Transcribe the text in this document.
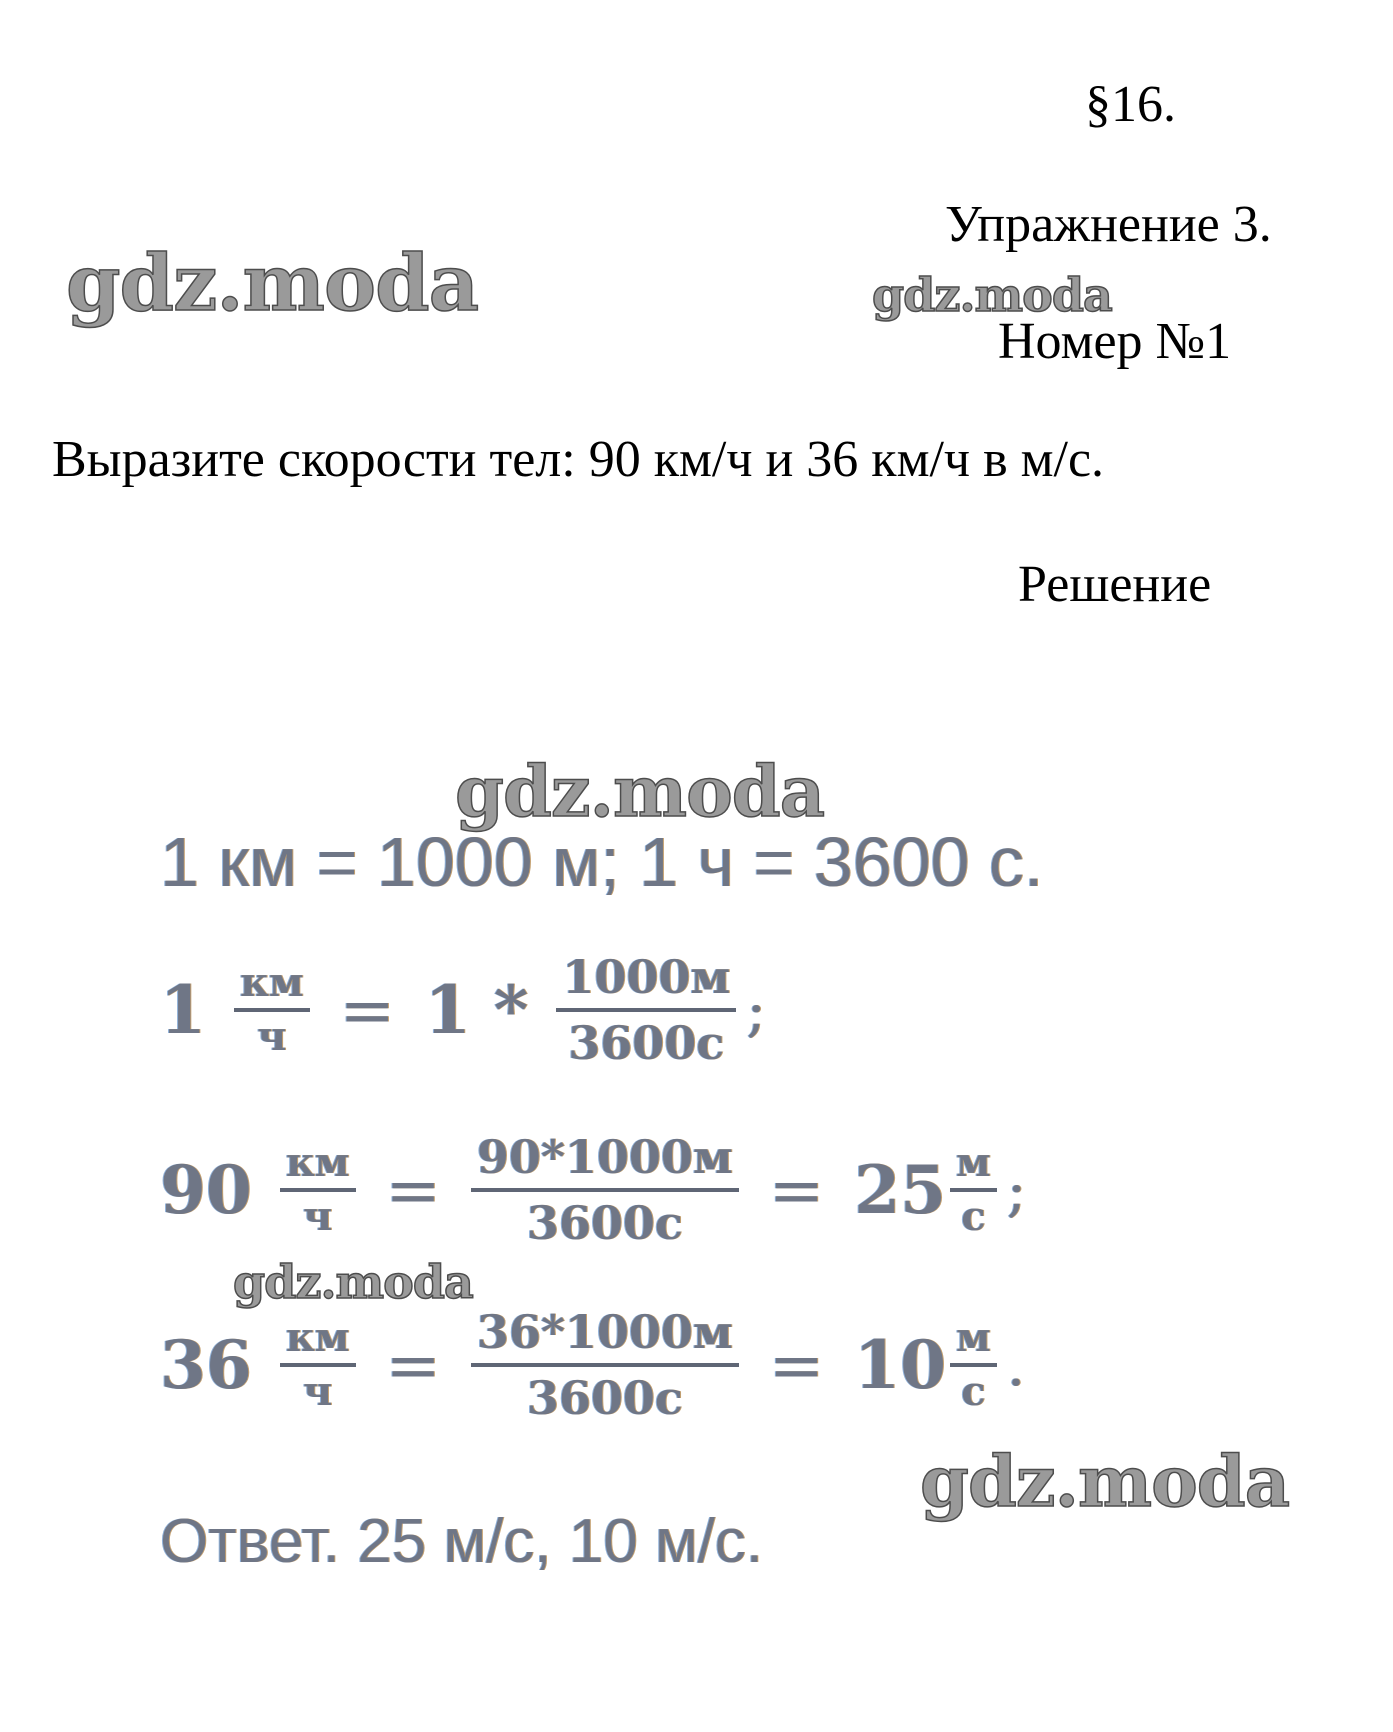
§16.
Упражнение 3.
Номер №1
Выразите скорости тел: 90 км/ч и 36 км/ч в м/с.
Решение
gdz.moda	gdz.moda
gdz.moda
gdz.moda
gdz.moda
1 км = 1000 м; 1 ч = 3600 с.
$1 \frac{км}{ч} = 1 * \frac{1000м}{3600с}$ ;
$90 \frac{км}{ч} = \frac{90*1000м}{3600с} = 25 \frac{м}{с}$ ;
$36 \frac{км}{ч} = \frac{36*1000м}{3600с} = 10 \frac{м}{с}$ .
Ответ. 25 м/с, 10 м/с.
